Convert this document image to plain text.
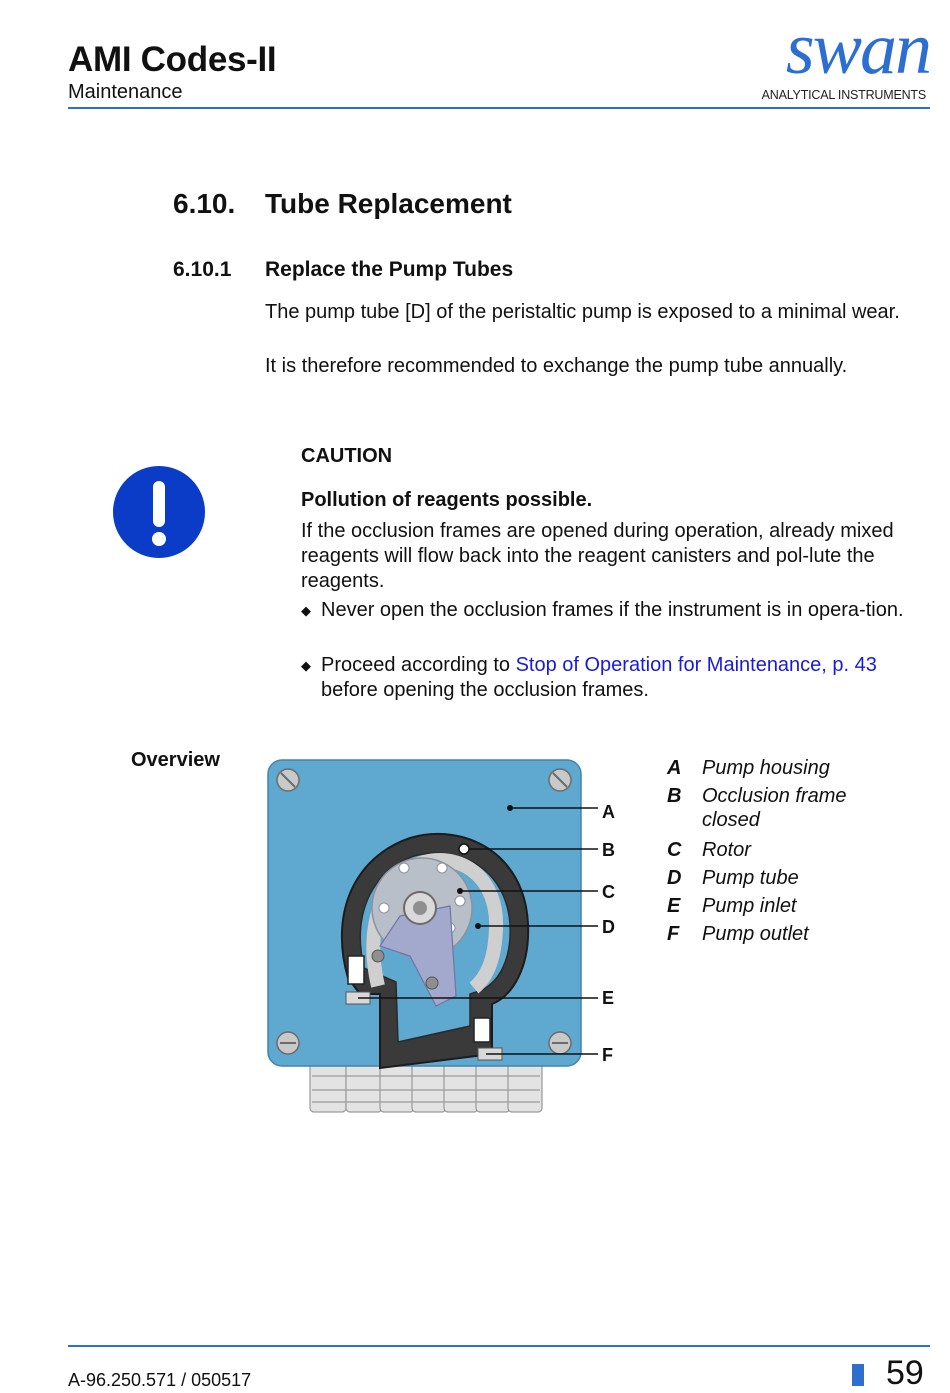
AMI Codes-II
Maintenance
swan
ANALYTICAL INSTRUMENTS
6.10. Tube Replacement
6.10.1 Replace the Pump Tubes
The pump tube [D] of the peristaltic pump is exposed to a minimal wear.
It is therefore recommended to exchange the pump tube annually.
CAUTION
Pollution of reagents possible.
If the occlusion frames are opened during operation, already mixed reagents will flow back into the reagent canisters and pol-lute the reagents.
◆ Never open the occlusion frames if the instrument is in opera-tion.
◆ Proceed according to Stop of Operation for Maintenance, p. 43 before opening the occlusion frames.
Overview
A
B
C
D
E
F
A Pump housing
B Occlusion frame closed
C Rotor
D Pump tube
E Pump inlet
F Pump outlet
A-96.250.571 / 050517	59
